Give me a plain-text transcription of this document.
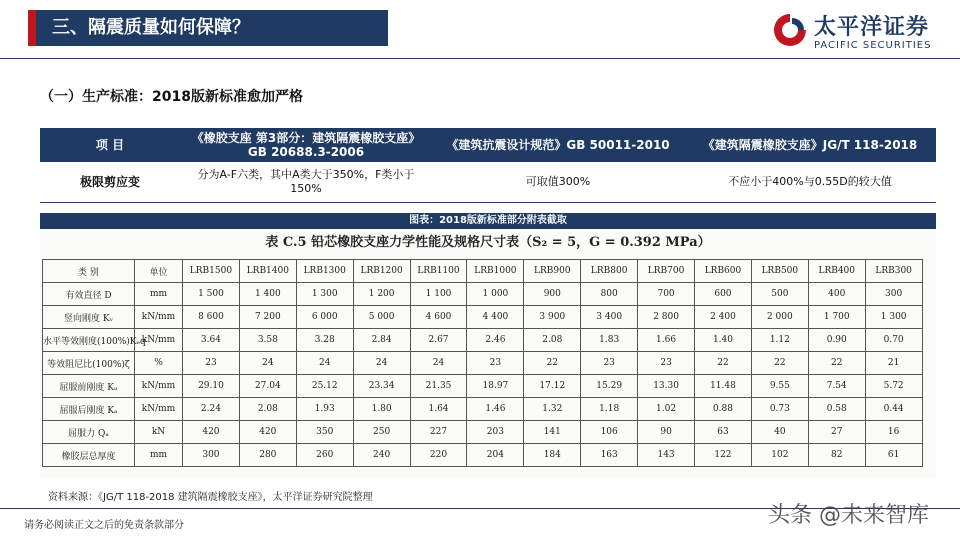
三、隔震质量如何保障？	太平洋证券
PACIFIC SECURITIES
（一）生产标准：2018版新标准愈加严格
项 目	《橡胶支座 第3部分：建筑隔震橡胶支座》 GB 20688.3-2006	《建筑抗震设计规范》GB 50011-2010	《建筑隔震橡胶支座》JG/T 118-2018
极限剪应变	分为A-F六类，其中A类大于350%，F类小于150%	可取值300%	不应小于400%与0.55D的较大值
图表：2018版新标准部分附表截取
表 C.5 铅芯橡胶支座力学性能及规格尺寸表（S₂ = 5，G = 0.392 MPa）
类 别	单位	LRB1500	LRB1400	LRB1300	LRB1200	LRB1100	LRB1000	LRB900	LRB800	LRB700	LRB600	LRB500	LRB400	LRB300
有效直径 D	mm	1 500	1 400	1 300	1 200	1 100	1 000	900	800	700	600	500	400	300
竖向刚度 Kᵥ	kN/mm	8 600	7 200	6 000	5 000	4 600	4 400	3 900	3 400	2 800	2 400	2 000	1 700	1 300
水平等效刚度(100%)Kₑq	kN/mm	3.64	3.58	3.28	2.84	2.67	2.46	2.08	1.83	1.66	1.40	1.12	0.90	0.70
等效阻尼比(100%)ζ	%	23	24	24	24	24	23	22	23	23	22	22	22	21
屈服前刚度 Kᵤ	kN/mm	29.10	27.04	25.12	23.34	21.35	18.97	17.12	15.29	13.30	11.48	9.55	7.54	5.72
屈服后刚度 Kₐ	kN/mm	2.24	2.08	1.93	1.80	1.64	1.46	1.32	1.18	1.02	0.88	0.73	0.58	0.44
屈服力 Qₐ	kN	420	420	350	250	227	203	141	106	90	63	40	27	16
橡胶层总厚度	mm	300	280	260	240	220	204	184	163	143	122	102	82	61
资料来源：《JG/T 118-2018 建筑隔震橡胶支座》，太平洋证券研究院整理
请务必阅读正文之后的免责条款部分	头条 @未来智库
